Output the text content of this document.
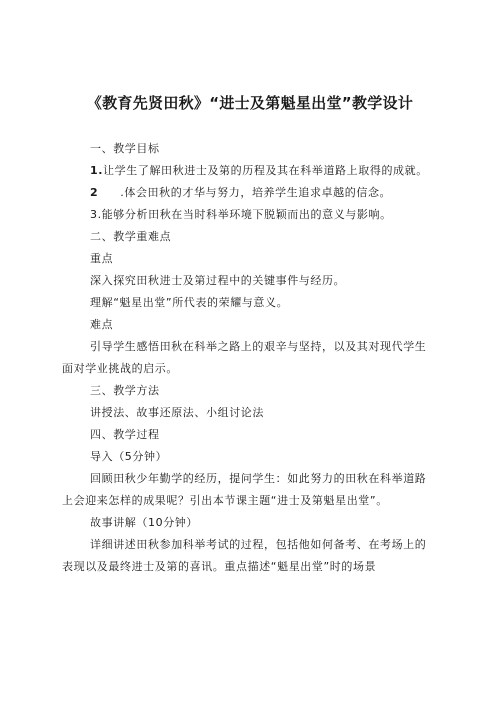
《教育先贤田秋》“进士及第魁星出堂”教学设计
一、教学目标
1.让学生了解田秋进士及第的历程及其在科举道路上取得的成就。
2 .体会田秋的才华与努力，培养学生追求卓越的信念。
3.能够分析田秋在当时科举环境下脱颖而出的意义与影响。
二、教学重难点
重点
深入探究田秋进士及第过程中的关键事件与经历。
理解“魁星出堂”所代表的荣耀与意义。
难点
引导学生感悟田秋在科举之路上的艰辛与坚持，以及其对现代学生面对学业挑战的启示。
三、教学方法
讲授法、故事还原法、小组讨论法
四、教学过程
导入（5分钟）
回顾田秋少年勤学的经历，提问学生：如此努力的田秋在科举道路上会迎来怎样的成果呢？引出本节课主题“进士及第魁星出堂”。
故事讲解（10分钟）
详细讲述田秋参加科举考试的过程，包括他如何备考、在考场上的表现以及最终进士及第的喜讯。重点描述“魁星出堂”时的场景
